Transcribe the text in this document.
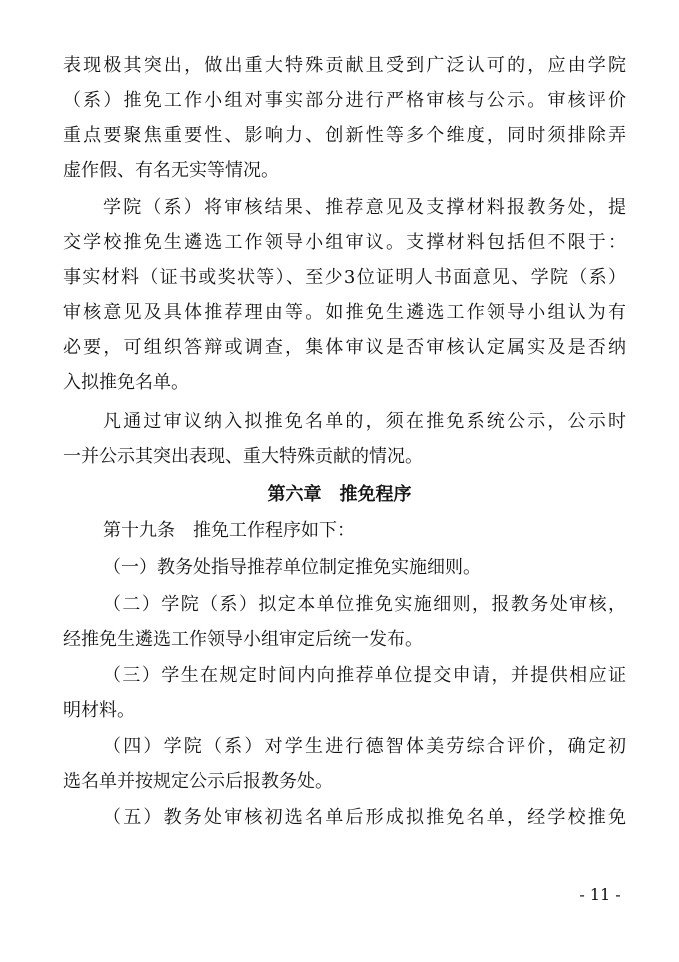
表现极其突出，做出重大特殊贡献且受到广泛认可的，应由学院
（系）推免工作小组对事实部分进行严格审核与公示。审核评价
重点要聚焦重要性、影响力、创新性等多个维度，同时须排除弄
虚作假、有名无实等情况。
学院（系）将审核结果、推荐意见及支撑材料报教务处，提
交学校推免生遴选工作领导小组审议。支撑材料包括但不限于：
事实材料（证书或奖状等）、至少3位证明人书面意见、学院（系）
审核意见及具体推荐理由等。如推免生遴选工作领导小组认为有
必要，可组织答辩或调查，集体审议是否审核认定属实及是否纳
入拟推免名单。
凡通过审议纳入拟推免名单的，须在推免系统公示，公示时
一并公示其突出表现、重大特殊贡献的情况。
第六章　推免程序
第十九条　推免工作程序如下：
（一）教务处指导推荐单位制定推免实施细则。
（二）学院（系）拟定本单位推免实施细则，报教务处审核，
经推免生遴选工作领导小组审定后统一发布。
（三）学生在规定时间内向推荐单位提交申请，并提供相应证
明材料。
（四）学院（系）对学生进行德智体美劳综合评价，确定初
选名单并按规定公示后报教务处。
（五）教务处审核初选名单后形成拟推免名单，经学校推免
- 11 -
